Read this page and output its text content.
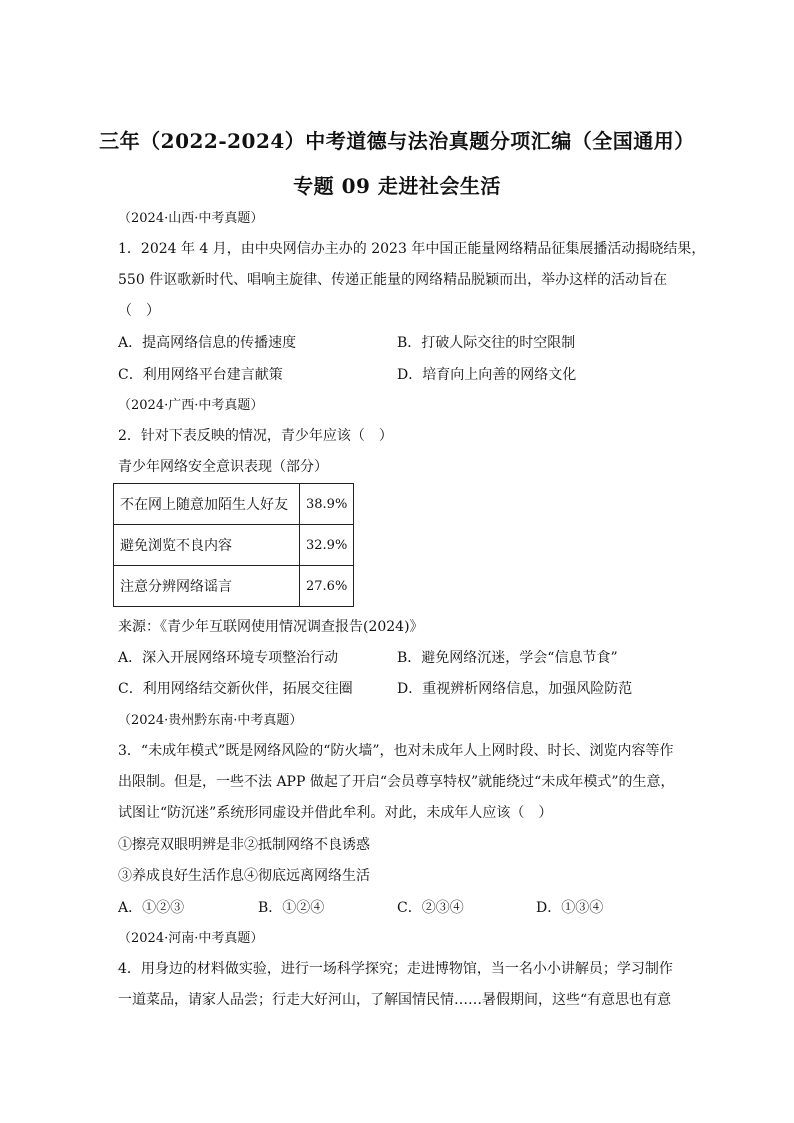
三年（2022-2024）中考道德与法治真题分项汇编（全国通用）
专题 09 走进社会生活
（2024·山西·中考真题）
1．2024 年 4 月，由中央网信办主办的 2023 年中国正能量网络精品征集展播活动揭晓结果，
550 件讴歌新时代、唱响主旋律、传递正能量的网络精品脱颖而出，举办这样的活动旨在
（　）
A．提高网络信息的传播速度	B．打破人际交往的时空限制
C．利用网络平台建言献策	D．培育向上向善的网络文化
（2024·广西·中考真题）
2．针对下表反映的情况，青少年应该（　）
青少年网络安全意识表现（部分）
不在网上随意加陌生人好友	38.9%
避免浏览不良内容	32.9%
注意分辨网络谣言	27.6%
来源：《青少年互联网使用情况调查报告(2024)》
A．深入开展网络环境专项整治行动	B．避免网络沉迷，学会“信息节食”
C．利用网络结交新伙伴，拓展交往圈	D．重视辨析网络信息，加强风险防范
（2024·贵州黔东南·中考真题）
3．“未成年模式”既是网络风险的“防火墙”，也对未成年人上网时段、时长、浏览内容等作
出限制。但是，一些不法 APP 做起了开启“会员尊享特权”就能绕过“未成年模式”的生意，
试图让“防沉迷”系统形同虚设并借此牟利。对此，未成年人应该（　）
①擦亮双眼明辨是非②抵制网络不良诱惑
③养成良好生活作息④彻底远离网络生活
A．①②③	B．①②④	C．②③④	D．①③④
（2024·河南·中考真题）
4．用身边的材料做实验，进行一场科学探究；走进博物馆，当一名小小讲解员；学习制作
一道菜品，请家人品尝；行走大好河山，了解国情民情……暑假期间，这些“有意思也有意
